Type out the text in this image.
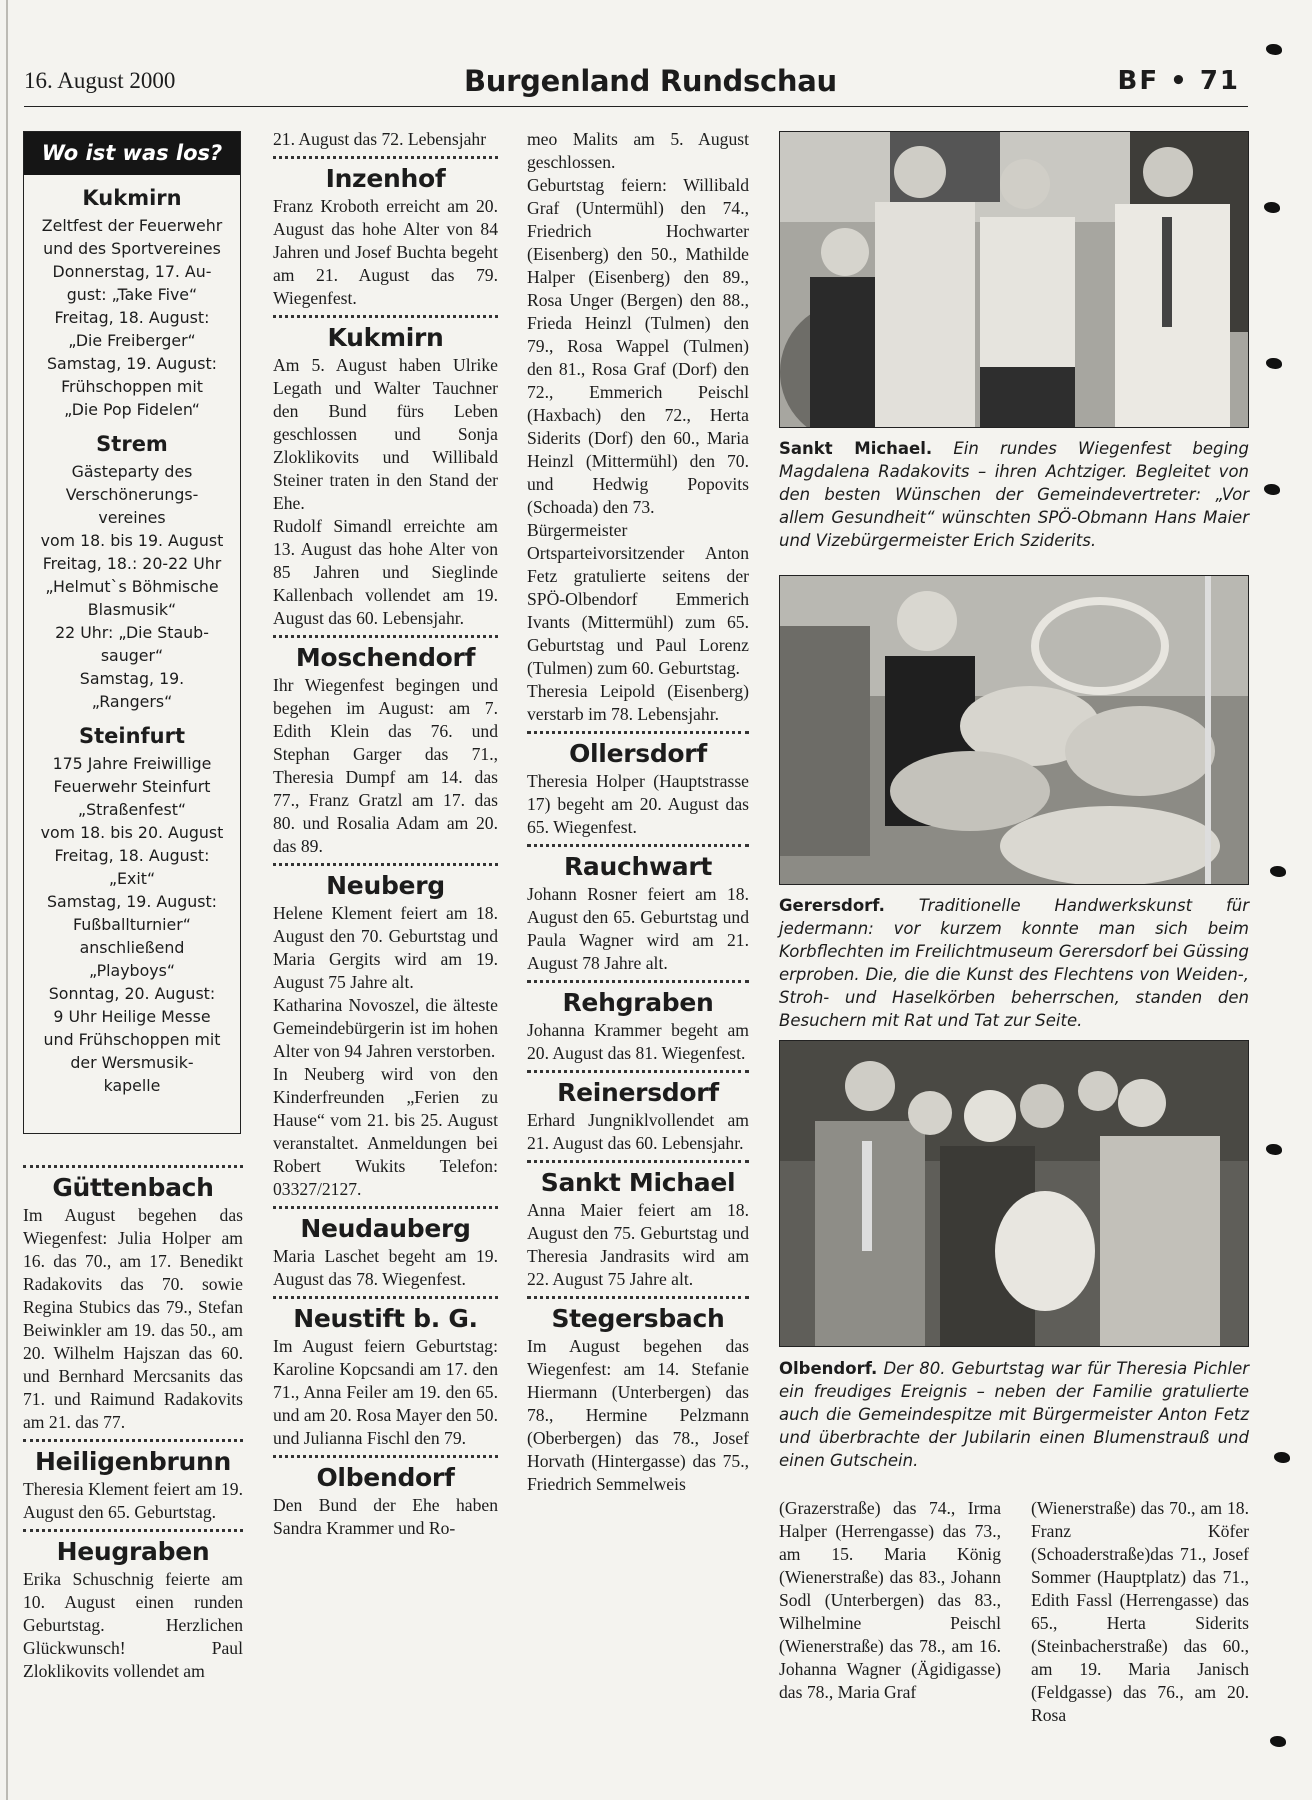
16. August 2000	Burgenland Rundschau	BF • 71
Wo ist was los?
Kukmirn
Zeltfest der Feuerwehr
und des Sportvereines
Donnerstag, 17. Au-
gust: „Take Five“
Freitag, 18. August:
„Die Freiberger“
Samstag, 19. August:
Frühschoppen mit
„Die Pop Fidelen“
Strem
Gästeparty des
Verschönerungs-
vereines
vom 18. bis 19. August
Freitag, 18.: 20-22 Uhr
„Helmut`s Böhmische
Blasmusik“
22 Uhr: „Die Staub-
sauger“
Samstag, 19.
„Rangers“
Steinfurt
175 Jahre Freiwillige
Feuerwehr Steinfurt
„Straßenfest“
vom 18. bis 20. August
Freitag, 18. August:
„Exit“
Samstag, 19. August:
Fußballturnier“
anschließend
„Playboys“
Sonntag, 20. August:
9 Uhr Heilige Messe
und Frühschoppen mit
der Wersmusik-
kapelle
Güttenbach

Im August begehen das Wiegenfest: Julia Holper am 16. das 70., am 17. Benedikt Radakovits das 70. sowie Regina Stubics das 79., Stefan Beiwinkler am 19. das 50., am 20. Wilhelm Hajszan das 60. und Bernhard Mercsanits das 71. und Raimund Radakovits am 21. das 77.

Heiligenbrunn

Theresia Klement feiert am 19. August den 65. Geburtstag.

Heugraben

Erika Schuschnig feierte am 10. August einen runden Geburtstag. Herzlichen Glückwunsch! Paul Zloklikovits vollendet am

21. August das 72. Lebensjahr

Inzenhof

Franz Kroboth erreicht am 20. August das hohe Alter von 84 Jahren und Josef Buchta begeht am 21. August das 79. Wiegenfest.

Kukmirn

Am 5. August haben Ulrike Legath und Walter Tauchner den Bund fürs Leben geschlossen und Sonja Zloklikovits und Willibald Steiner traten in den Stand der Ehe.

Rudolf Simandl erreichte am 13. August das hohe Alter von 85 Jahren und Sieglinde Kallenbach vollendet am 19. August das 60. Lebensjahr.

Moschendorf

Ihr Wiegenfest begingen und begehen im August: am 7. Edith Klein das 76. und Stephan Garger das 71., Theresia Dumpf am 14. das 77., Franz Gratzl am 17. das 80. und Rosalia Adam am 20. das 89.

Neuberg

Helene Klement feiert am 18. August den 70. Geburtstag und Maria Gergits wird am 19. August 75 Jahre alt.

Katharina Novoszel, die älteste Gemeindebürgerin ist im hohen Alter von 94 Jahren verstorben.

In Neuberg wird von den Kinderfreunden „Ferien zu Hause“ vom 21. bis 25. August veranstaltet. Anmeldungen bei Robert Wukits Telefon: 03327/2127.

Neudauberg

Maria Laschet begeht am 19. August das 78. Wiegenfest.

Neustift b. G.

Im August feiern Geburtstag: Karoline Kopcsandi am 17. den 71., Anna Feiler am 19. den 65. und am 20. Rosa Mayer den 50. und Julianna Fischl den 79.

Olbendorf

Den Bund der Ehe haben Sandra Krammer und Ro-

meo Malits am 5. August geschlossen.

Geburtstag feiern: Willibald Graf (Untermühl) den 74., Friedrich Hochwarter (Eisenberg) den 50., Mathilde Halper (Eisenberg) den 89., Rosa Unger (Bergen) den 88., Frieda Heinzl (Tulmen) den 79., Rosa Wappel (Tulmen) den 81., Rosa Graf (Dorf) den 72., Emmerich Peischl (Haxbach) den 72., Herta Siderits (Dorf) den 60., Maria Heinzl (Mittermühl) den 70. und Hedwig Popovits (Schoada) den 73.

Bürgermeister Ortsparteivorsitzender Anton Fetz gratulierte seitens der SPÖ-Olbendorf Emmerich Ivants (Mittermühl) zum 65. Geburtstag und Paul Lorenz (Tulmen) zum 60. Geburtstag.

Theresia Leipold (Eisenberg) verstarb im 78. Lebensjahr.

Ollersdorf

Theresia Holper (Hauptstrasse 17) begeht am 20. August das 65. Wiegenfest.

Rauchwart

Johann Rosner feiert am 18. August den 65. Geburtstag und Paula Wagner wird am 21. August 78 Jahre alt.

Rehgraben

Johanna Krammer begeht am 20. August das 81. Wiegenfest.

Reinersdorf

Erhard Jungniklvollendet am 21. August das 60. Lebensjahr.

Sankt Michael

Anna Maier feiert am 18. August den 75. Geburtstag und Theresia Jandrasits wird am 22. August 75 Jahre alt.

Stegersbach

Im August begehen das Wiegenfest: am 14. Stefanie Hiermann (Unterbergen) das 78., Hermine Pelzmann (Oberbergen) das 78., Josef Horvath (Hintergasse) das 75., Friedrich Semmelweis

Sankt Michael. Ein rundes Wiegenfest beging Magdalena Radakovits – ihren Achtziger. Begleitet von den besten Wünschen der Gemeindevertreter: „Vor allem Gesundheit“ wünschten SPÖ-Obmann Hans Maier und Vizebürgermeister Erich Sziderits.
Gerersdorf. Traditionelle Handwerkskunst für jedermann: vor kurzem konnte man sich beim Korbflechten im Freilichtmuseum Gerersdorf bei Güssing erproben. Die, die die Kunst des Flechtens von Weiden-, Stroh- und Haselkörben beherrschen, standen den Besuchern mit Rat und Tat zur Seite.
Olbendorf. Der 80. Geburtstag war für Theresia Pichler ein freudiges Ereignis – neben der Familie gratulierte auch die Gemeindespitze mit Bürgermeister Anton Fetz und überbrachte der Jubilarin einen Blumenstrauß und einen Gutschein.

(Grazerstraße) das 74., Irma Halper (Herrengasse) das 73., am 15. Maria König (Wienerstraße) das 83., Johann Sodl (Unterbergen) das 83., Wilhelmine Peischl (Wienerstraße) das 78., am 16. Johanna Wagner (Ägidigasse) das 78., Maria Graf

(Wienerstraße) das 70., am 18. Franz Köfer (Schoaderstraße)das 71., Josef Sommer (Hauptplatz) das 71., Edith Fassl (Herrengasse) das 65., Herta Siderits (Steinbacherstraße) das 60., am 19. Maria Janisch (Feldgasse) das 76., am 20. Rosa
